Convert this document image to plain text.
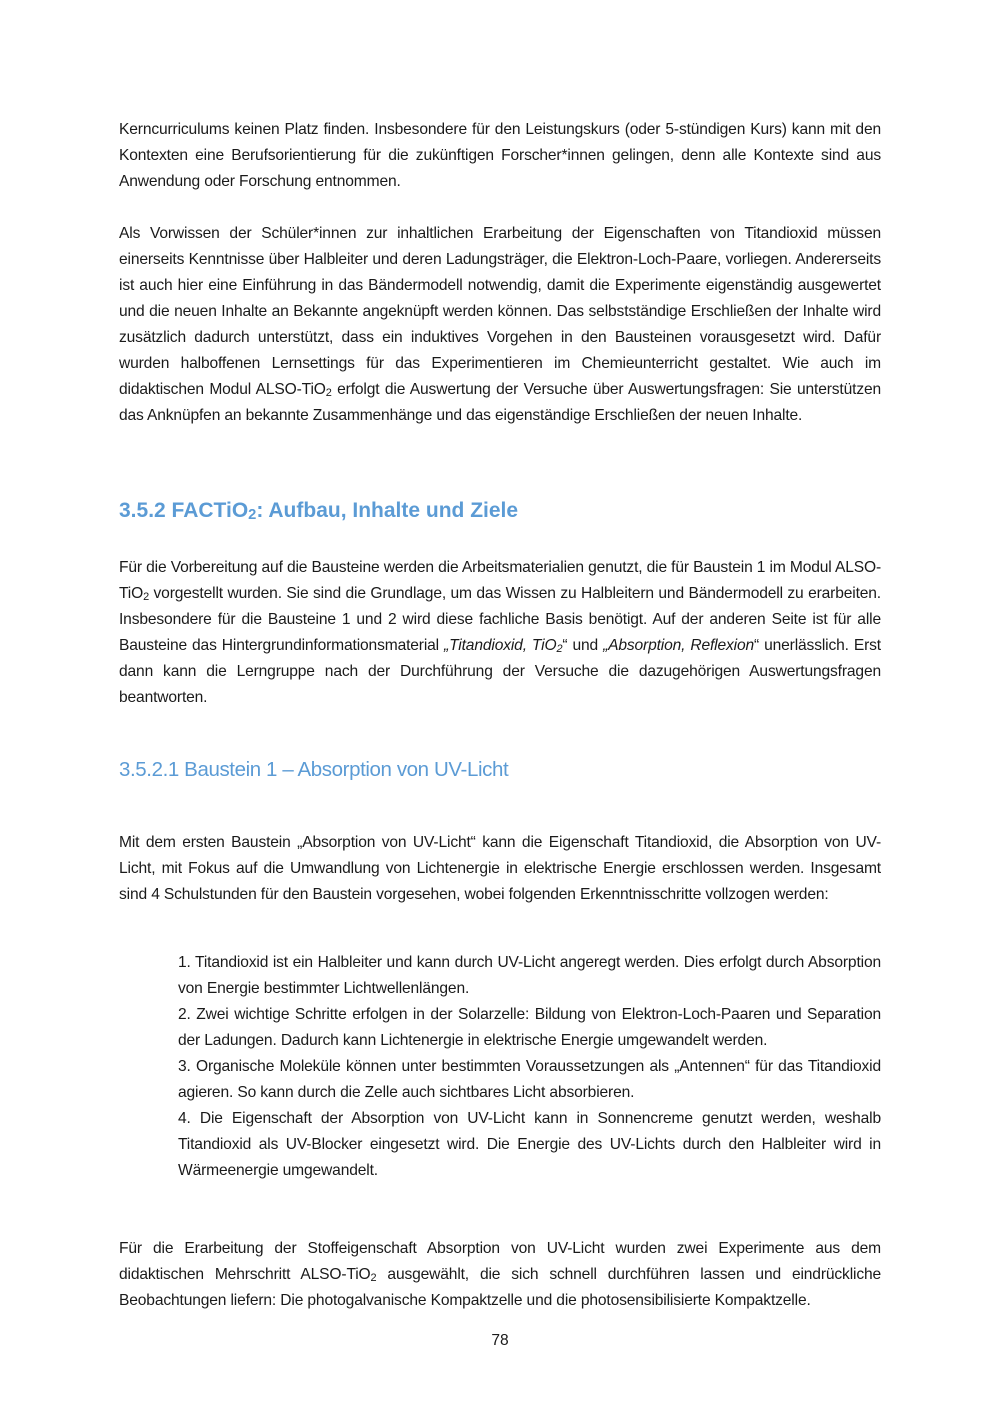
Kerncurriculums keinen Platz finden. Insbesondere für den Leistungskurs (oder 5-stündigen Kurs) kann mit den Kontexten eine Berufsorientierung für die zukünftigen Forscher*innen gelingen, denn alle Kontexte sind aus Anwendung oder Forschung entnommen.
Als Vorwissen der Schüler*innen zur inhaltlichen Erarbeitung der Eigenschaften von Titandioxid müssen einerseits Kenntnisse über Halbleiter und deren Ladungsträger, die Elektron-Loch-Paare, vorliegen. Andererseits ist auch hier eine Einführung in das Bändermodell notwendig, damit die Experimente eigenständig ausgewertet und die neuen Inhalte an Bekannte angeknüpft werden können. Das selbstständige Erschließen der Inhalte wird zusätzlich dadurch unterstützt, dass ein induktives Vorgehen in den Bausteinen vorausgesetzt wird. Dafür wurden halboffenen Lernsettings für das Experimentieren im Chemieunterricht gestaltet. Wie auch im didaktischen Modul ALSO-TiO$_2$ erfolgt die Auswertung der Versuche über Auswertungsfragen: Sie unterstützen das Anknüpfen an bekannte Zusammenhänge und das eigenständige Erschließen der neuen Inhalte.
3.5.2 FACTiO$_2$: Aufbau, Inhalte und Ziele
Für die Vorbereitung auf die Bausteine werden die Arbeitsmaterialien genutzt, die für Baustein 1 im Modul ALSO-TiO$_2$ vorgestellt wurden. Sie sind die Grundlage, um das Wissen zu Halbleitern und Bändermodell zu erarbeiten. Insbesondere für die Bausteine 1 und 2 wird diese fachliche Basis benötigt. Auf der anderen Seite ist für alle Bausteine das Hintergrundinformationsmaterial „Titandioxid, TiO$_2$“ und „Absorption, Reflexion“ unerlässlich. Erst dann kann die Lerngruppe nach der Durchführung der Versuche die dazugehörigen Auswertungsfragen beantworten.
3.5.2.1 Baustein 1 – Absorption von UV-Licht
Mit dem ersten Baustein „Absorption von UV-Licht“ kann die Eigenschaft Titandioxid, die Absorption von UV-Licht, mit Fokus auf die Umwandlung von Lichtenergie in elektrische Energie erschlossen werden. Insgesamt sind 4 Schulstunden für den Baustein vorgesehen, wobei folgenden Erkenntnisschritte vollzogen werden:
1. Titandioxid ist ein Halbleiter und kann durch UV-Licht angeregt werden. Dies erfolgt durch Absorption von Energie bestimmter Lichtwellenlängen.
2. Zwei wichtige Schritte erfolgen in der Solarzelle: Bildung von Elektron-Loch-Paaren und Separation der Ladungen. Dadurch kann Lichtenergie in elektrische Energie umgewandelt werden.
3. Organische Moleküle können unter bestimmten Voraussetzungen als „Antennen“ für das Titandioxid agieren. So kann durch die Zelle auch sichtbares Licht absorbieren.
4. Die Eigenschaft der Absorption von UV-Licht kann in Sonnencreme genutzt werden, weshalb Titandioxid als UV-Blocker eingesetzt wird. Die Energie des UV-Lichts durch den Halbleiter wird in Wärmeenergie umgewandelt.
Für die Erarbeitung der Stoffeigenschaft Absorption von UV-Licht wurden zwei Experimente aus dem didaktischen Mehrschritt ALSO-TiO$_2$ ausgewählt, die sich schnell durchführen lassen und eindrückliche Beobachtungen liefern: Die photogalvanische Kompaktzelle und die photosensibilisierte Kompaktzelle.
78
